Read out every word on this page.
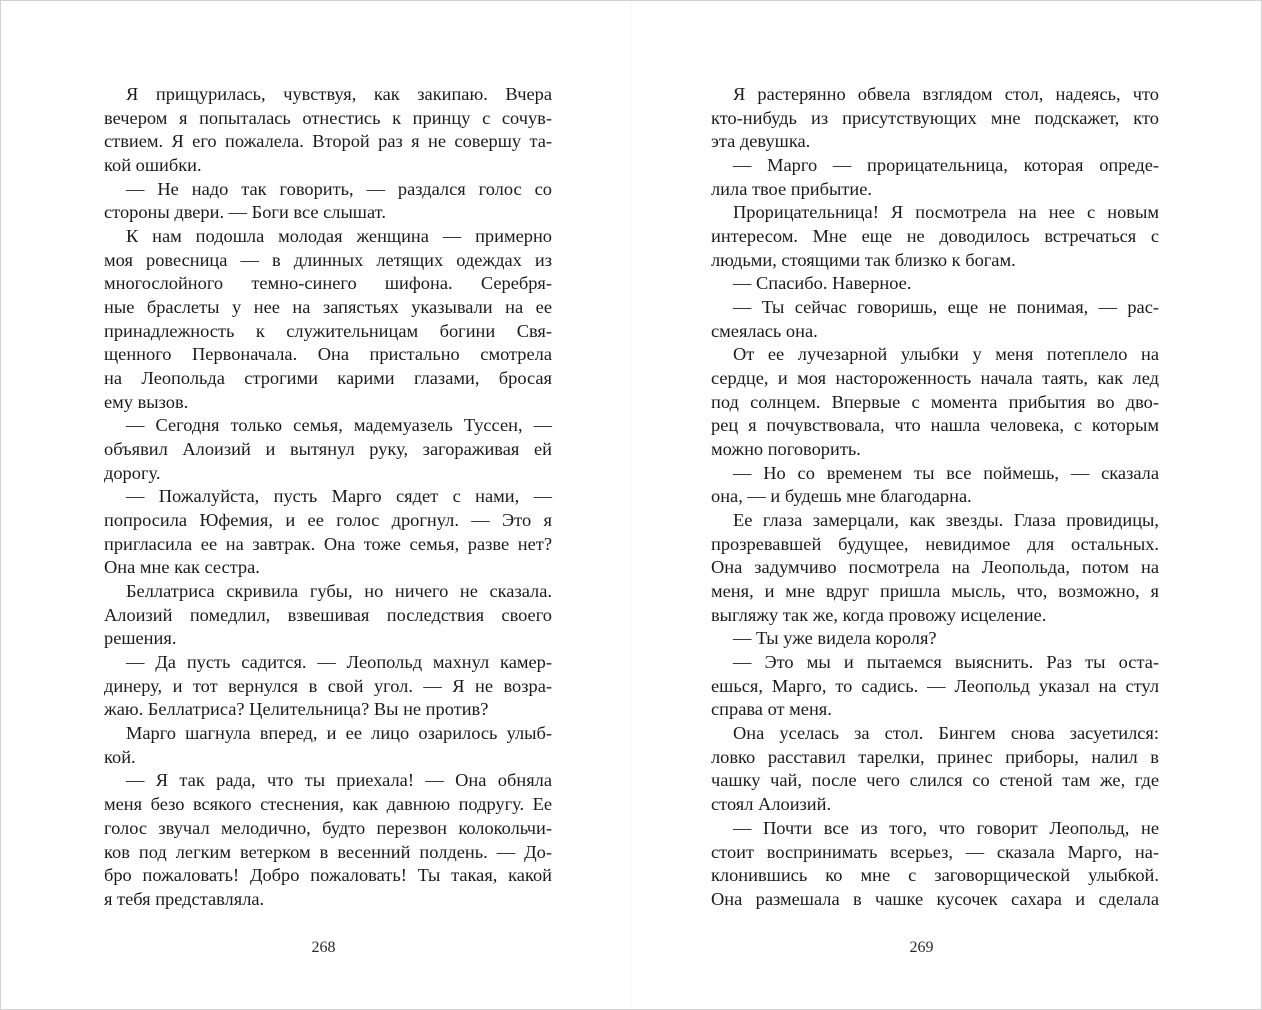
Я прищурилась, чувствуя, как закипаю. Вчера
вечером я попыталась отнестись к принцу с сочув-
ствием. Я его пожалела. Второй раз я не совершу та-
кой ошибки.
— Не надо так говорить, — раздался голос со
стороны двери. — Боги все слышат.
К нам подошла молодая женщина — примерно
моя ровесница — в длинных летящих одеждах из
многослойного темно-синего шифона. Серебря-
ные браслеты у нее на запястьях указывали на ее
принадлежность к служительницам богини Свя-
щенного Первоначала. Она пристально смотрела
на Леопольда строгими карими глазами, бросая
ему вызов.
— Сегодня только семья, мадемуазель Туссен, —
объявил Алоизий и вытянул руку, загораживая ей
дорогу.
— Пожалуйста, пусть Марго сядет с нами, —
попросила Юфемия, и ее голос дрогнул. — Это я
пригласила ее на завтрак. Она тоже семья, разве нет?
Она мне как сестра.
Беллатриса скривила губы, но ничего не сказала.
Алоизий помедлил, взвешивая последствия своего
решения.
— Да пусть садится. — Леопольд махнул камер-
динеру, и тот вернулся в свой угол. — Я не возра-
жаю. Беллатриса? Целительница? Вы не против?
Марго шагнула вперед, и ее лицо озарилось улыб-
кой.
— Я так рада, что ты приехала! — Она обняла
меня безо всякого стеснения, как давнюю подругу. Ее
голос звучал мелодично, будто перезвон колокольчи-
ков под легким ветерком в весенний полдень. — До-
бро пожаловать! Добро пожаловать! Ты такая, какой
я тебя представляла.
268
Я растерянно обвела взглядом стол, надеясь, что
кто-нибудь из присутствующих мне подскажет, кто
эта девушка.
— Марго — прорицательница, которая опреде-
лила твое прибытие.
Прорицательница! Я посмотрела на нее с новым
интересом. Мне еще не доводилось встречаться с
людьми, стоящими так близко к богам.
— Спасибо. Наверное.
— Ты сейчас говоришь, еще не понимая, — рас-
смеялась она.
От ее лучезарной улыбки у меня потеплело на
сердце, и моя настороженность начала таять, как лед
под солнцем. Впервые с момента прибытия во дво-
рец я почувствовала, что нашла человека, с которым
можно поговорить.
— Но со временем ты все поймешь, — сказала
она, — и будешь мне благодарна.
Ее глаза замерцали, как звезды. Глаза провидицы,
прозревавшей будущее, невидимое для остальных.
Она задумчиво посмотрела на Леопольда, потом на
меня, и мне вдруг пришла мысль, что, возможно, я
выгляжу так же, когда провожу исцеление.
— Ты уже видела короля?
— Это мы и пытаемся выяснить. Раз ты оста-
ешься, Марго, то садись. — Леопольд указал на стул
справа от меня.
Она уселась за стол. Бингем снова засуетился:
ловко расставил тарелки, принес приборы, налил в
чашку чай, после чего слился со стеной там же, где
стоял Алоизий.
— Почти все из того, что говорит Леопольд, не
стоит воспринимать всерьез, — сказала Марго, на-
клонившись ко мне с заговорщической улыбкой.
Она размешала в чашке кусочек сахара и сделала
269
